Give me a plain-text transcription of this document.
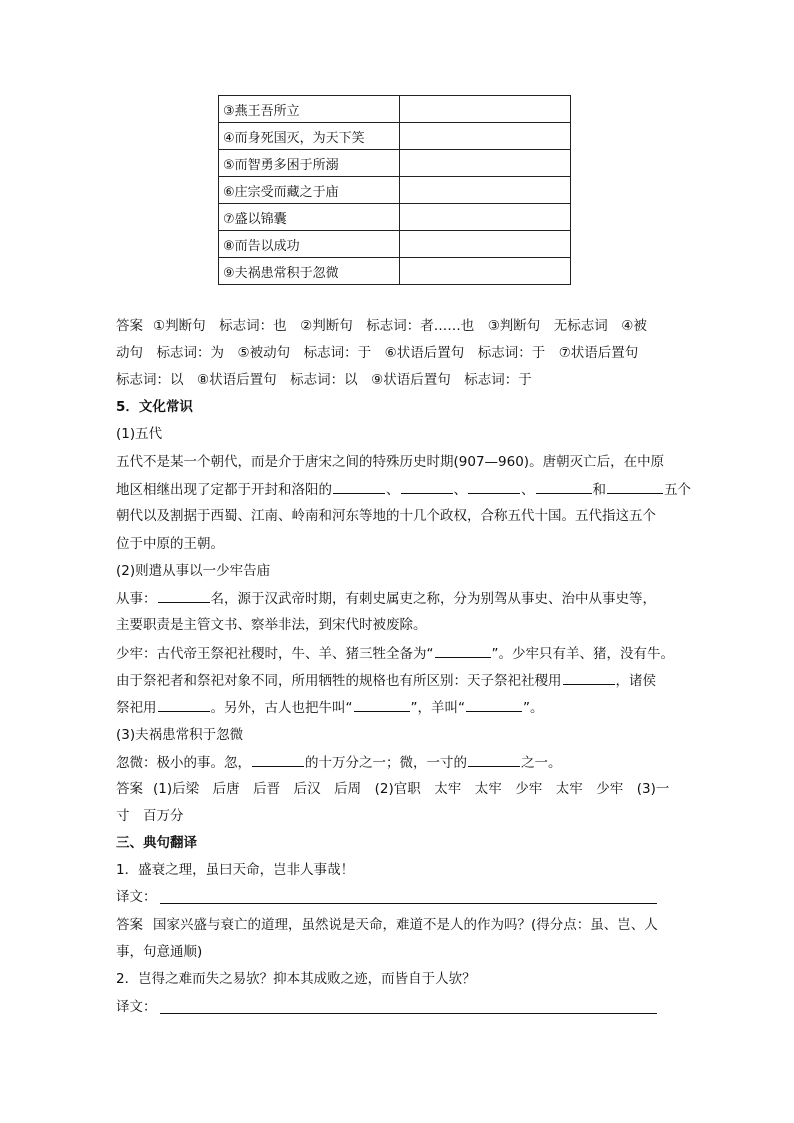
③燕王吾所立	
④而身死国灭，为天下笑	
⑤而智勇多困于所溺	
⑥庄宗受而藏之于庙	
⑦盛以锦囊	
⑧而告以成功	
⑨夫祸患常积于忽微	
答案 ①判断句　标志词：也　②判断句　标志词：者……也　③判断句　无标志词　④被
动句　标志词：为　⑤被动句　标志词：于　⑥状语后置句　标志词：于　⑦状语后置句
标志词：以　⑧状语后置句　标志词：以　⑨状语后置句　标志词：于
5．文化常识
(1)五代
五代不是某一个朝代，而是介于唐宋之间的特殊历史时期(907—960)。唐朝灭亡后，在中原
地区相继出现了定都于开封和洛阳的	、	、	、	和	五个
朝代以及割据于西蜀、江南、岭南和河东等地的十几个政权，合称五代十国。五代指这五个
位于中原的王朝。
(2)则遣从事以一少牢告庙
从事：	名，源于汉武帝时期，有刺史属吏之称，分为别驾从事史、治中从事史等，
主要职责是主管文书、察举非法，到宋代时被废除。
少牢：古代帝王祭祀社稷时，牛、羊、猪三牲全备为“	”。少牢只有羊、猪，没有牛。
由于祭祀者和祭祀对象不同，所用牺牲的规格也有所区别：天子祭祀社稷用	，诸侯
祭祀用	。另外，古人也把牛叫“	”，羊叫“	”。
(3)夫祸患常积于忽微
忽微：极小的事。忽，	的十万分之一；微，一寸的	之一。
答案 (1)后梁　后唐　后晋　后汉　后周　(2)官职　太牢　太牢　少牢　太牢　少牢　(3)一
寸　百万分
三、典句翻译
1．盛衰之理，虽曰天命，岂非人事哉！
译文：
答案 国家兴盛与衰亡的道理，虽然说是天命，难道不是人的作为吗？(得分点：虽、岂、人
事，句意通顺)
2．岂得之难而失之易欤？抑本其成败之迹，而皆自于人欤？
译文：
